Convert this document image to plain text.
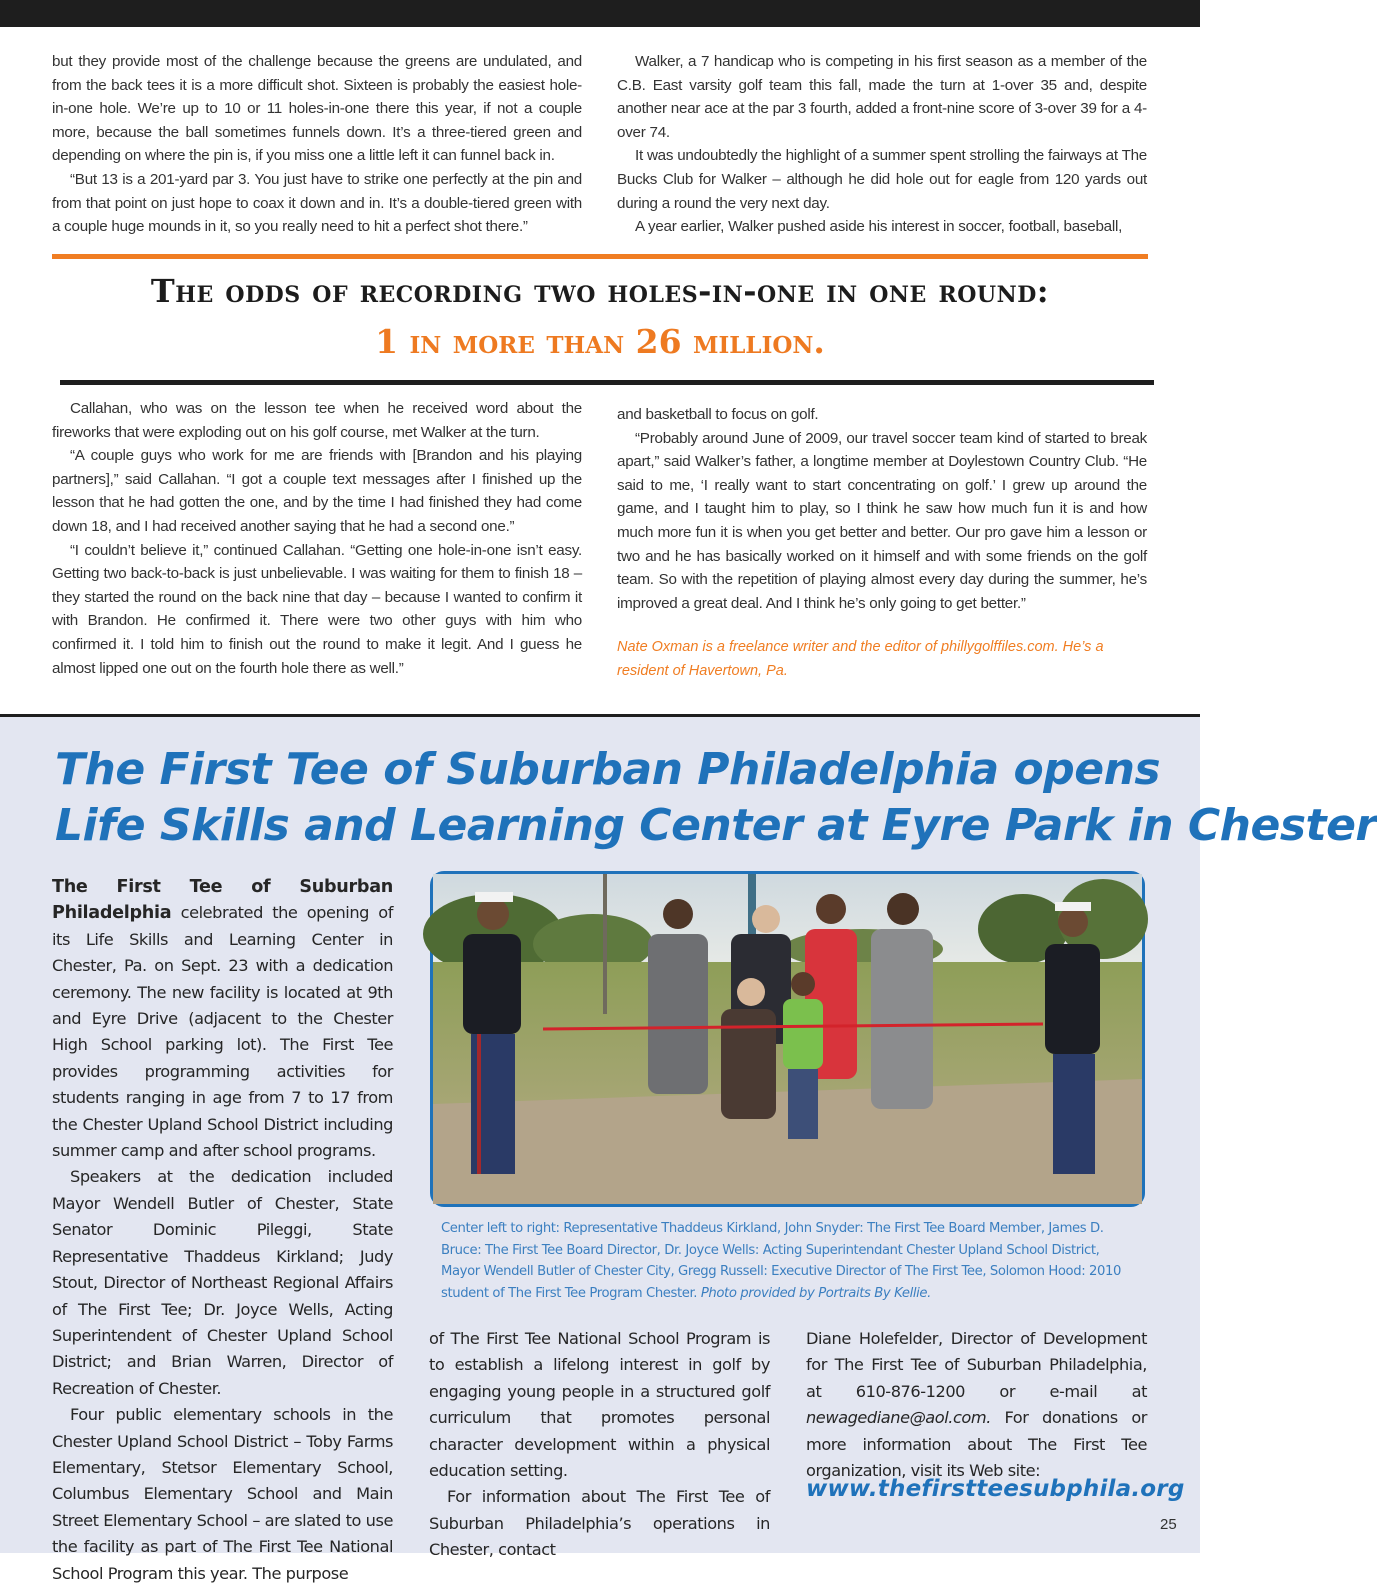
but they provide most of the challenge because the greens are undulated, and from the back tees it is a more difficult shot. Sixteen is probably the easiest hole-in-one hole. We’re up to 10 or 11 holes-in-one there this year, if not a couple more, because the ball sometimes funnels down. It’s a three-tiered green and depending on where the pin is, if you miss one a little left it can funnel back in.

“But 13 is a 201-yard par 3. You just have to strike one perfectly at the pin and from that point on just hope to coax it down and in. It’s a double-tiered green with a couple huge mounds in it, so you really need to hit a perfect shot there.”

Walker, a 7 handicap who is competing in his first season as a member of the C.B. East varsity golf team this fall, made the turn at 1-over 35 and, despite another near ace at the par 3 fourth, added a front-nine score of 3-over 39 for a 4-over 74.

It was undoubtedly the highlight of a summer spent strolling the fairways at The Bucks Club for Walker – although he did hole out for eagle from 120 yards out during a round the very next day.

A year earlier, Walker pushed aside his interest in soccer, football, baseball,

The odds of recording two holes-in-one in one round:
1 in more than 26 million.

Callahan, who was on the lesson tee when he received word about the fireworks that were exploding out on his golf course, met Walker at the turn.

“A couple guys who work for me are friends with [Brandon and his playing partners],” said Callahan. “I got a couple text messages after I finished up the lesson that he had gotten the one, and by the time I had finished they had come down 18, and I had received another saying that he had a second one.”

“I couldn’t believe it,” continued Callahan. “Getting one hole-in-one isn’t easy. Getting two back-to-back is just unbelievable. I was waiting for them to finish 18 – they started the round on the back nine that day – because I wanted to confirm it with Brandon. He confirmed it. There were two other guys with him who confirmed it. I told him to finish out the round to make it legit. And I guess he almost lipped one out on the fourth hole there as well.”

and basketball to focus on golf.

“Probably around June of 2009, our travel soccer team kind of started to break apart,” said Walker’s father, a longtime member at Doylestown Country Club. “He said to me, ‘I really want to start concentrating on golf.’ I grew up around the game, and I taught him to play, so I think he saw how much fun it is and how much more fun it is when you get better and better. Our pro gave him a lesson or two and he has basically worked on it himself and with some friends on the golf team. So with the repetition of playing almost every day during the summer, he’s improved a great deal. And I think he’s only going to get better.”

Nate Oxman is a freelance writer and the editor of phillygolffiles.com. He’s a resident of Havertown, Pa.
The First Tee of Suburban Philadelphia opens
Life Skills and Learning Center at Eyre Park in Chester

The First Tee of Suburban Philadelphia celebrated the opening of its Life Skills and Learning Center in Chester, Pa. on Sept. 23 with a dedication ceremony. The new facility is located at 9th and Eyre Drive (adjacent to the Chester High School parking lot). The First Tee provides programming activities for students ranging in age from 7 to 17 from the Chester Upland School District including summer camp and after school programs.

Speakers at the dedication included Mayor Wendell Butler of Chester, State Senator Dominic Pileggi, State Representative Thaddeus Kirkland; Judy Stout, Director of Northeast Regional Affairs of The First Tee; Dr. Joyce Wells, Acting Superintendent of Chester Upland School District; and Brian Warren, Director of Recreation of Chester.

Four public elementary schools in the Chester Upland School District – Toby Farms Elementary, Stetsor Elementary School, Columbus Elementary School and Main Street Elementary School – are slated to use the facility as part of The First Tee National School Program this year. The purpose

Center left to right: Representative Thaddeus Kirkland, John Snyder: The First Tee Board Member, James D. Bruce: The First Tee Board Director, Dr. Joyce Wells: Acting Superintendant Chester Upland School District, Mayor Wendell Butler of Chester City, Gregg Russell: Executive Director of The First Tee, Solomon Hood: 2010 student of The First Tee Program Chester. Photo provided by Portraits By Kellie.

of The First Tee National School Program is to establish a lifelong interest in golf by engaging young people in a structured golf curriculum that promotes personal character development within a physical education setting.

For information about The First Tee of Suburban Philadelphia’s operations in Chester, contact

Diane Holefelder, Director of Development for The First Tee of Suburban Philadelphia, at 610-876-1200 or e-mail at newagediane@aol.com. For donations or more information about The First Tee organization, visit its Web site:

www.thefirstteesubphila.org
25
